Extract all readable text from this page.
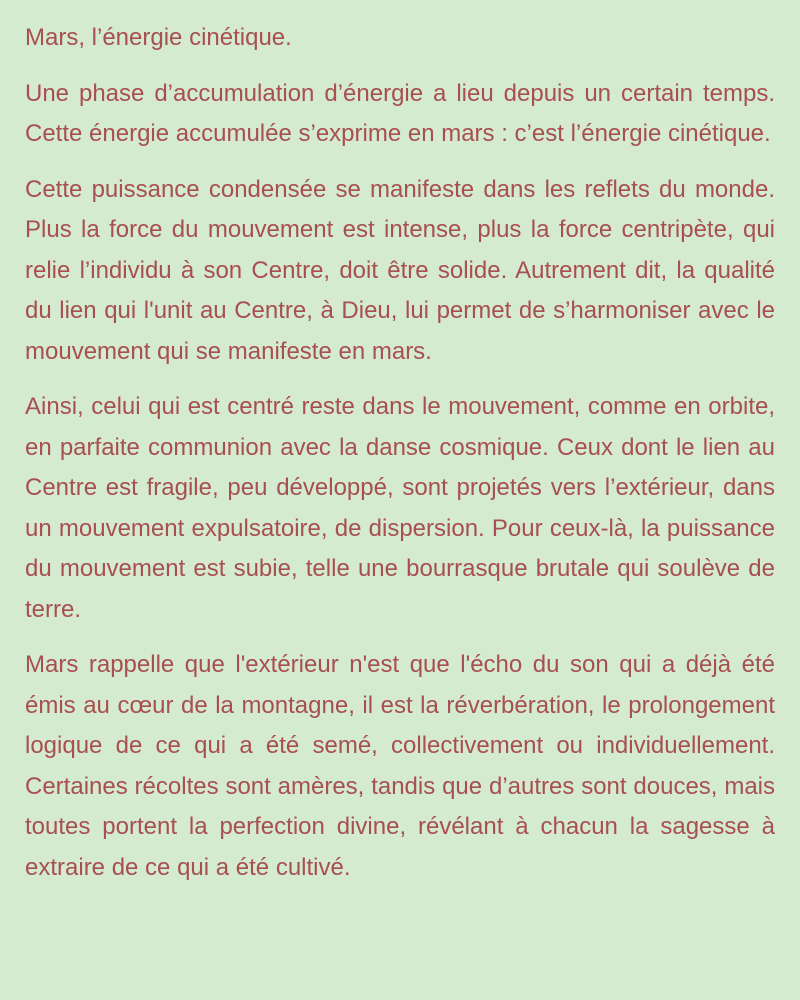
Mars, l’énergie cinétique.

Une phase d’accumulation d’énergie a lieu depuis un certain temps. Cette énergie accumulée s’exprime en mars : c’est l’énergie cinétique.

Cette puissance condensée se manifeste dans les reflets du monde. Plus la force du mouvement est intense, plus la force centripète, qui relie l’individu à son Centre, doit être solide. Autrement dit, la qualité du lien qui l'unit au Centre, à Dieu, lui permet de s’harmoniser avec le mouvement qui se manifeste en mars.

Ainsi, celui qui est centré reste dans le mouvement, comme en orbite, en parfaite communion avec la danse cosmique. Ceux dont le lien au Centre est fragile, peu développé, sont projetés vers l’extérieur, dans un mouvement expulsatoire, de dispersion. Pour ceux-là, la puissance du mouvement est subie, telle une bourrasque brutale qui soulève de terre.

Mars rappelle que l'extérieur n'est que l'écho du son qui a déjà été émis au cœur de la montagne, il est la réverbération, le prolongement logique de ce qui a été semé, collectivement ou individuellement. Certaines récoltes sont amères, tandis que d’autres sont douces, mais toutes portent la perfection divine, révélant à chacun la sagesse à extraire de ce qui a été cultivé.
